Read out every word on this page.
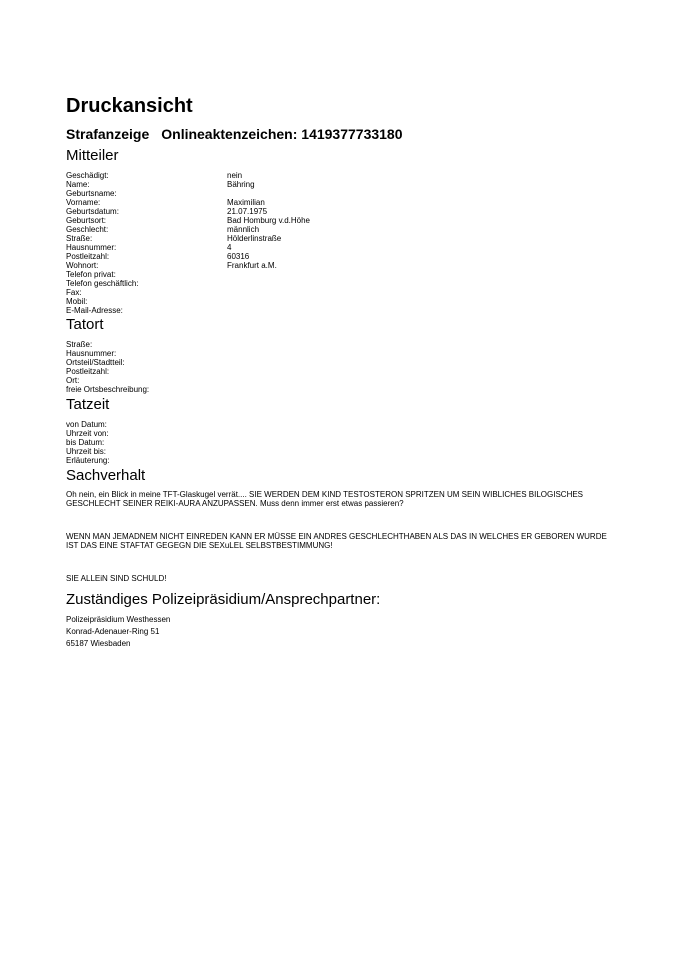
Druckansicht
Strafanzeige Onlineaktenzeichen: 1419377733180
Mitteiler
Geschädigt:	nein
Name:	Bähring
Geburtsname:
Vorname:	Maximilian
Geburtsdatum:	21.07.1975
Geburtsort:	Bad Homburg v.d.Höhe
Geschlecht:	männlich
Straße:	Hölderlinstraße
Hausnummer:	4
Postleitzahl:	60316
Wohnort:	Frankfurt a.M.
Telefon privat:
Telefon geschäftlich:
Fax:
Mobil:
E-Mail-Adresse:
Tatort
Straße:
Hausnummer:
Ortsteil/Stadtteil:
Postleitzahl:
Ort:
freie Ortsbeschreibung:
Tatzeit
von Datum:
Uhrzeit von:
bis Datum:
Uhrzeit bis:
Erläuterung:
Sachverhalt
Oh nein, ein Blick in meine TFT-Glaskugel verrät.... SIE WERDEN DEM KIND TESTOSTERON SPRITZEN UM SEIN WIBLICHES BILOGISCHES
GESCHLECHT SEINER REIKI-AURA ANZUPASSEN. Muss denn immer erst etwas passieren?
WENN MAN JEMADNEM NICHT EINREDEN KANN ER MÜSSE EIN ANDRES GESCHLECHTHABEN ALS DAS IN WELCHES ER GEBOREN WURDE
IST DAS EINE STAFTAT GEGEGN DIE SEXuLEL SELBSTBESTIMMUNG!
SIE ALLEiN SIND SCHULD!
Zuständiges Polizeipräsidium/Ansprechpartner:
Polizeipräsidium Westhessen
Konrad-Adenauer-Ring 51
65187 Wiesbaden
